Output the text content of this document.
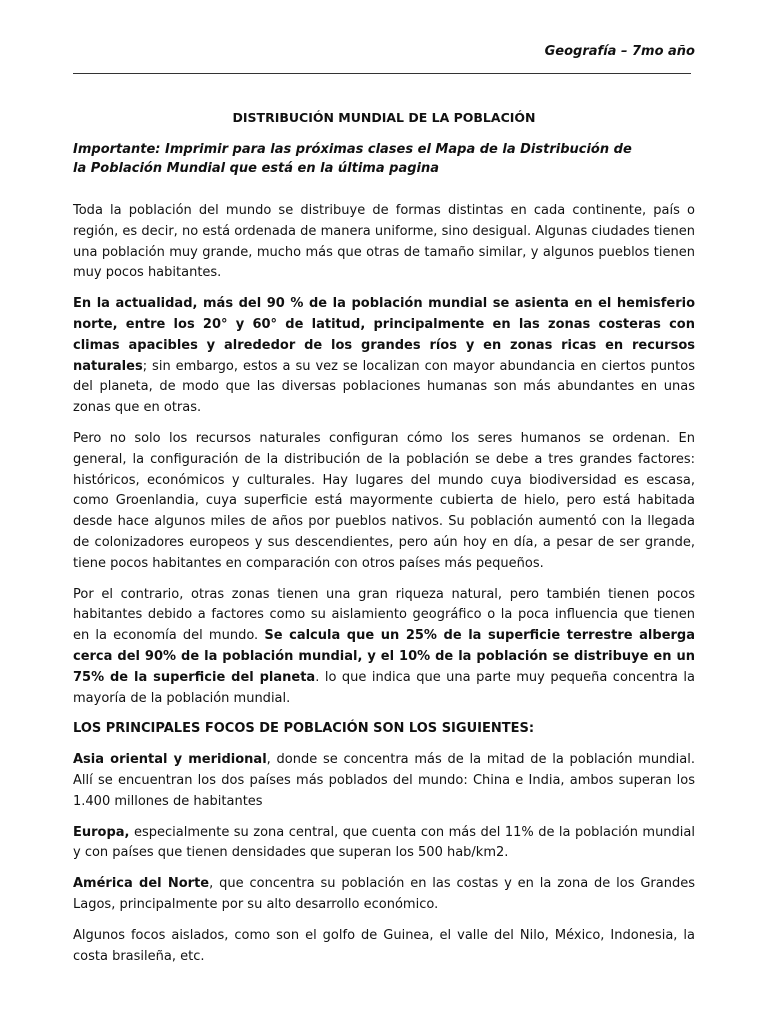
Geografía – 7mo año
DISTRIBUCIÓN MUNDIAL DE LA POBLACIÓN
Importante: Imprimir para las próximas clases el Mapa de la Distribución de la Población Mundial que está en la última pagina

Toda la población del mundo se distribuye de formas distintas en cada continente, país o región, es decir, no está ordenada de manera uniforme, sino desigual. Algunas ciudades tienen una población muy grande, mucho más que otras de tamaño similar, y algunos pueblos tienen muy pocos habitantes.

En la actualidad, más del 90 % de la población mundial se asienta en el hemisferio norte, entre los 20° y 60° de latitud, principalmente en las zonas costeras con climas apacibles y alrededor de los grandes ríos y en zonas ricas en recursos naturales; sin embargo, estos a su vez se localizan con mayor abundancia en ciertos puntos del planeta, de modo que las diversas poblaciones humanas son más abundantes en unas zonas que en otras.

Pero no solo los recursos naturales configuran cómo los seres humanos se ordenan. En general, la configuración de la distribución de la población se debe a tres grandes factores: históricos, económicos y culturales. Hay lugares del mundo cuya biodiversidad es escasa, como Groenlandia, cuya superficie está mayormente cubierta de hielo, pero está habitada desde hace algunos miles de años por pueblos nativos. Su población aumentó con la llegada de colonizadores europeos y sus descendientes, pero aún hoy en día, a pesar de ser grande, tiene pocos habitantes en comparación con otros países más pequeños.

Por el contrario, otras zonas tienen una gran riqueza natural, pero también tienen pocos habitantes debido a factores como su aislamiento geográfico o la poca influencia que tienen en la economía del mundo. Se calcula que un 25% de la superficie terrestre alberga cerca del 90% de la población mundial, y el 10% de la población se distribuye en un 75% de la superficie del planeta. lo que indica que una parte muy pequeña concentra la mayoría de la población mundial.

LOS PRINCIPALES FOCOS DE POBLACIÓN SON LOS SIGUIENTES:

Asia oriental y meridional, donde se concentra más de la mitad de la población mundial. Allí se encuentran los dos países más poblados del mundo: China e India, ambos superan los 1.400 millones de habitantes

Europa, especialmente su zona central, que cuenta con más del 11% de la población mundial y con países que tienen densidades que superan los 500 hab/km2.

América del Norte, que concentra su población en las costas y en la zona de los Grandes Lagos, principalmente por su alto desarrollo económico.

Algunos focos aislados, como son el golfo de Guinea, el valle del Nilo, México, Indonesia, la costa brasileña, etc.
